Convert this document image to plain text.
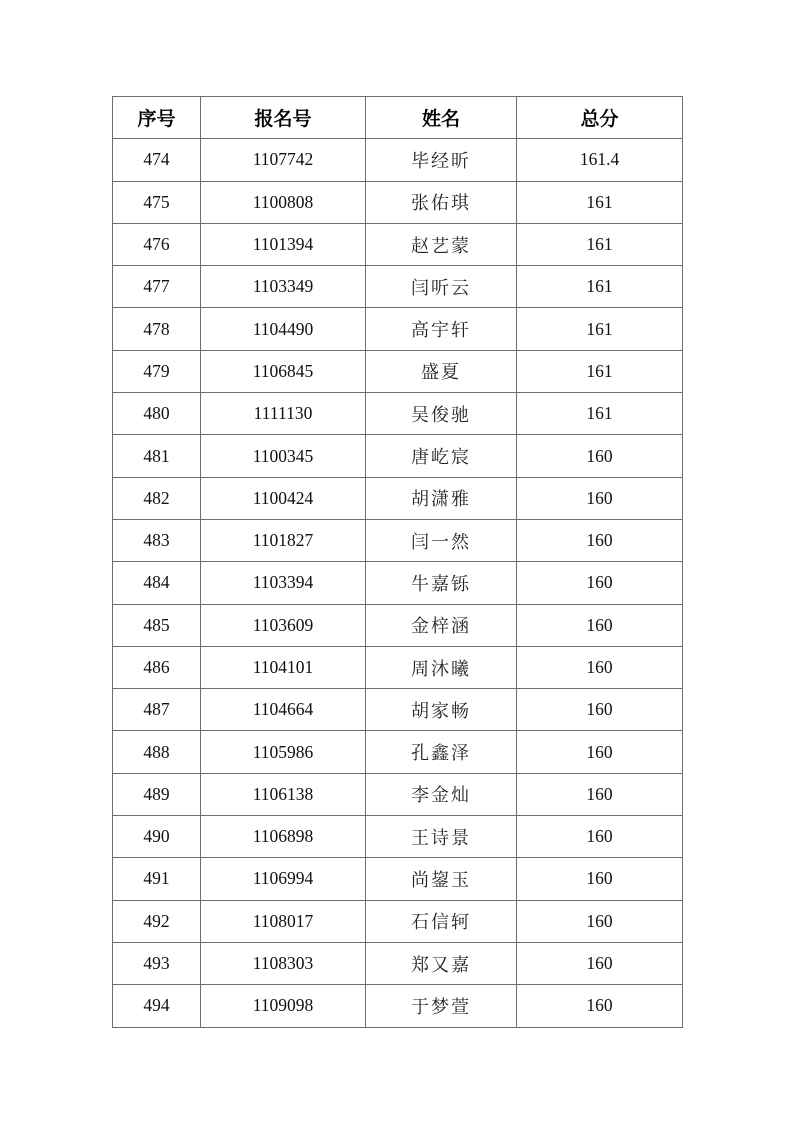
序号	报名号	姓名	总分
474	1107742	毕经昕	161.4
475	1100808	张佑琪	161
476	1101394	赵艺蒙	161
477	1103349	闫听云	161
478	1104490	高宇轩	161
479	1106845	盛夏	161
480	1111130	吴俊驰	161
481	1100345	唐屹宸	160
482	1100424	胡潇雅	160
483	1101827	闫一然	160
484	1103394	牛嘉铄	160
485	1103609	金梓涵	160
486	1104101	周沐曦	160
487	1104664	胡家畅	160
488	1105986	孔鑫泽	160
489	1106138	李金灿	160
490	1106898	王诗景	160
491	1106994	尚鋆玉	160
492	1108017	石信轲	160
493	1108303	郑又嘉	160
494	1109098	于梦萱	160
